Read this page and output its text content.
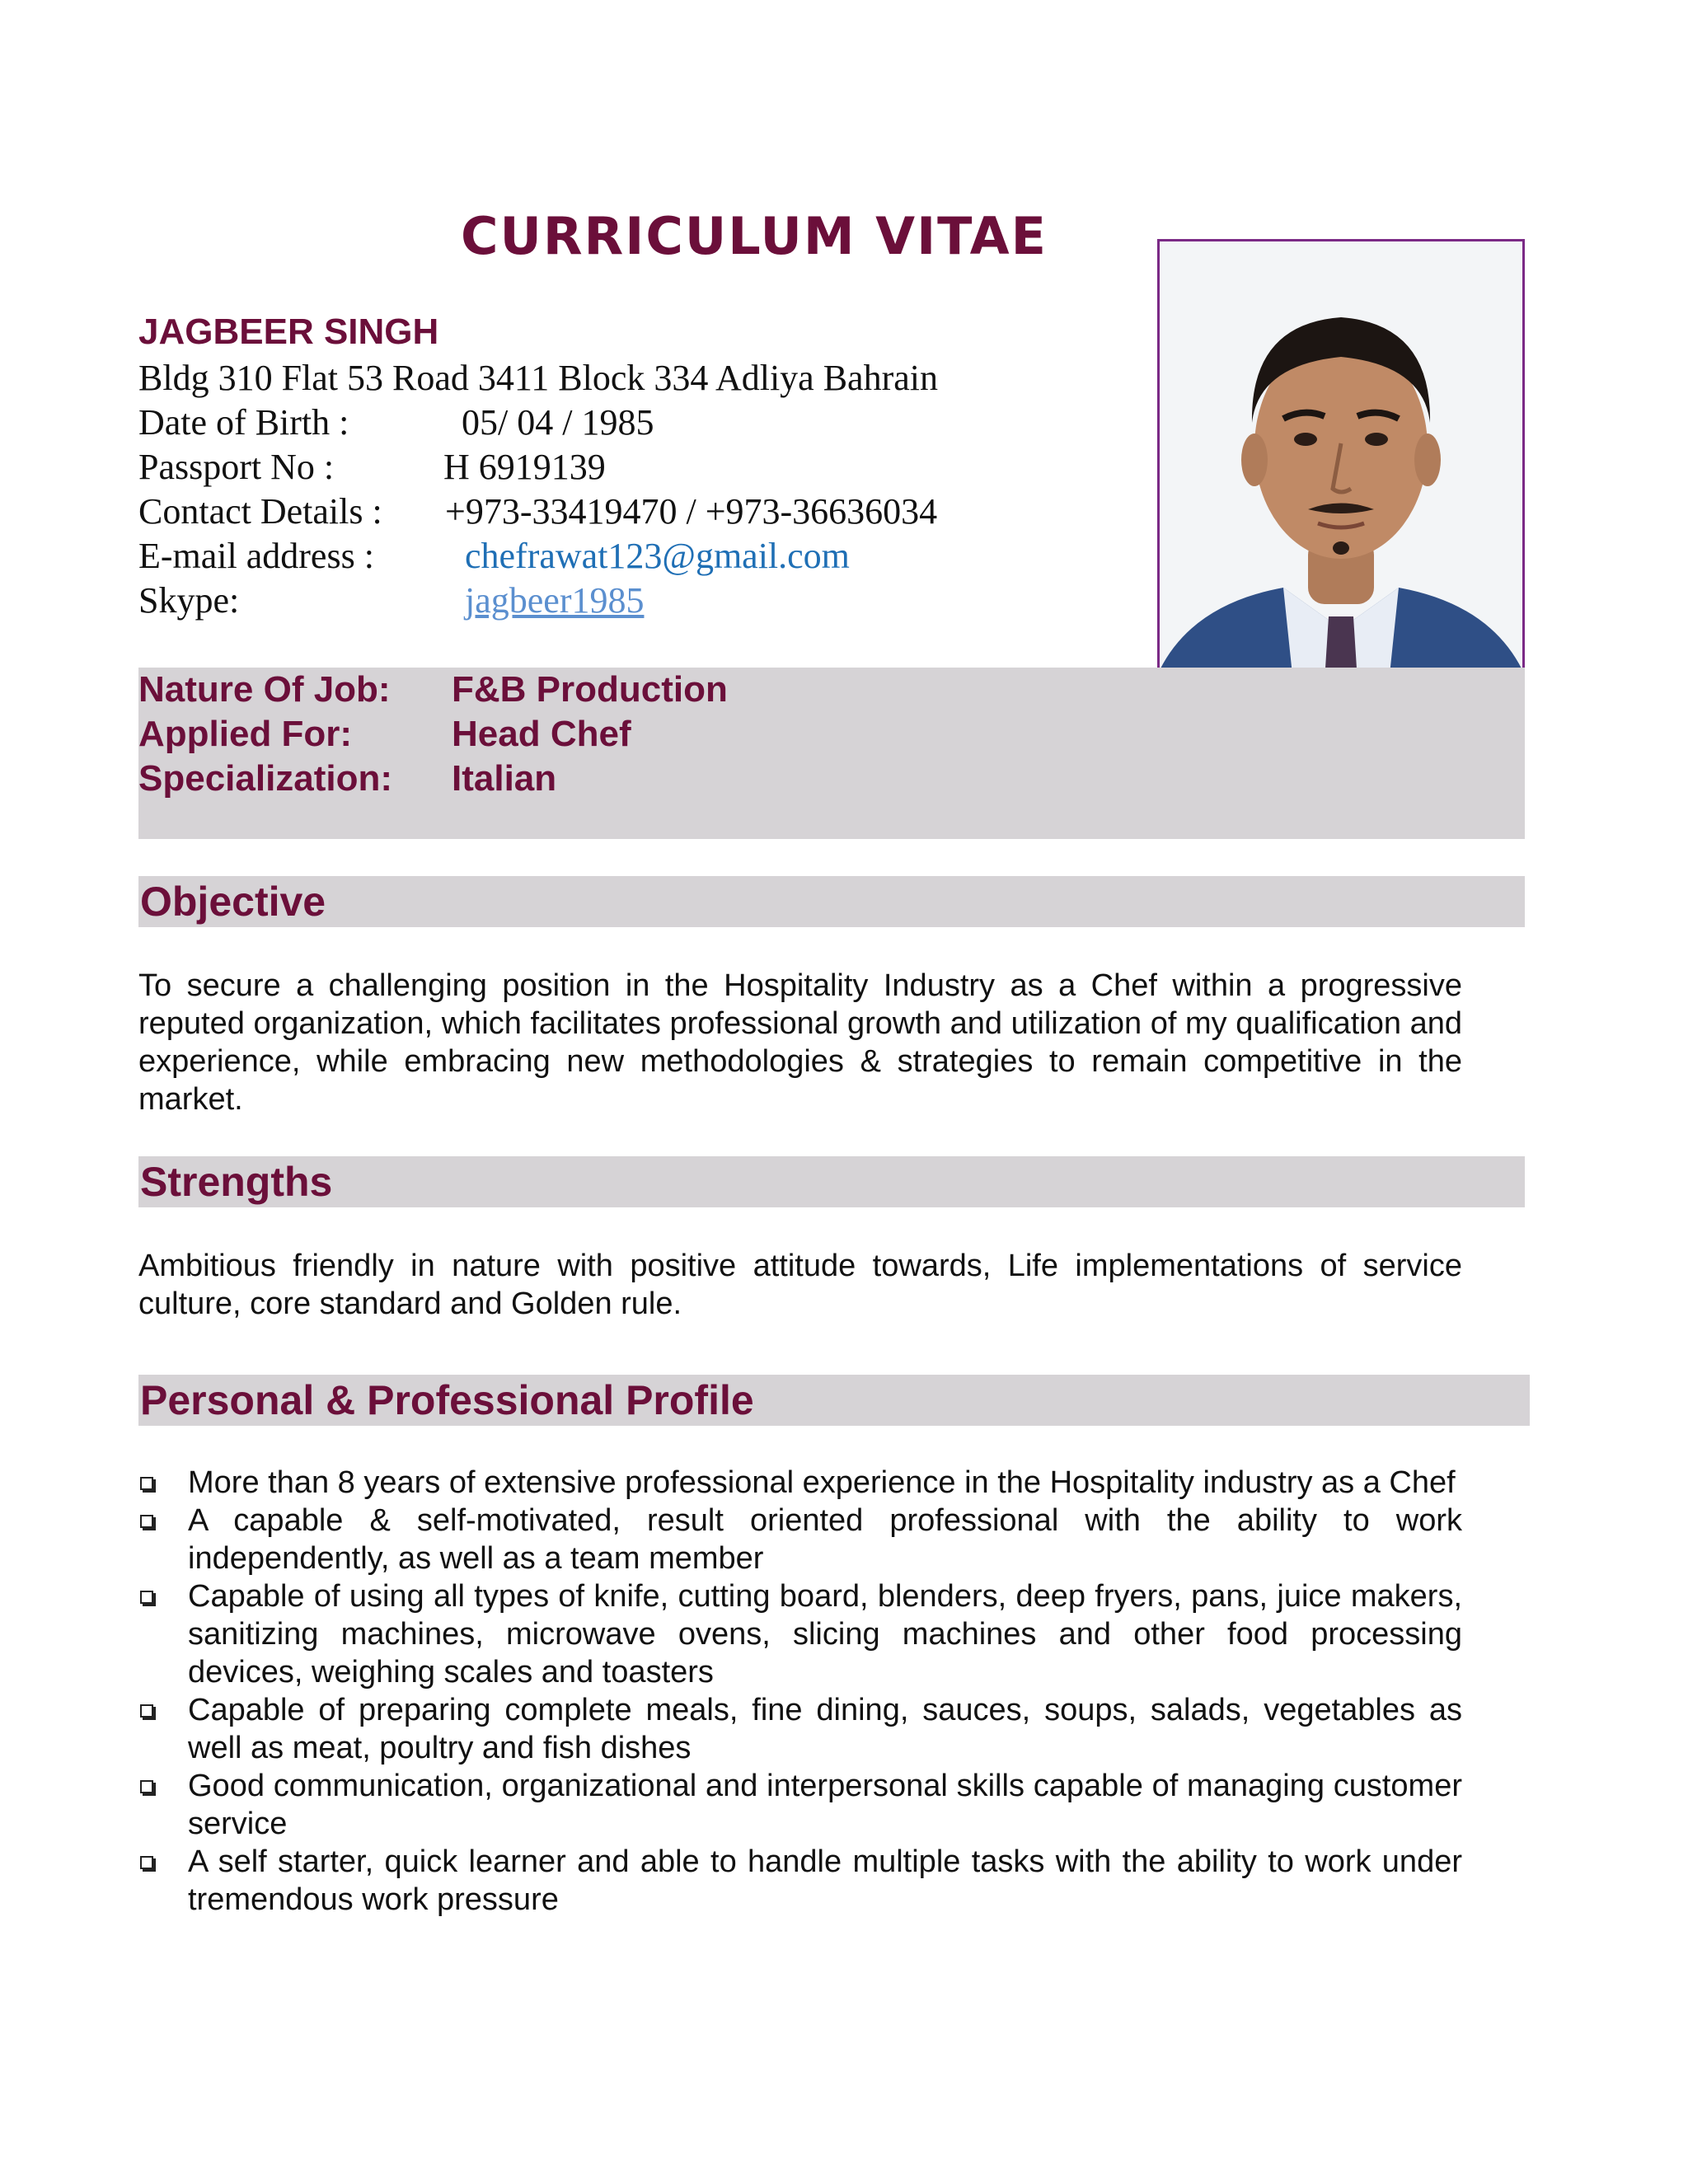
CURRICULUM VITAE
JAGBEER SINGH
Bldg 310 Flat 53 Road 3411 Block 334 Adliya Bahrain
Date of Birth :	05/ 04 / 1985
Passport No :	H 6919139
Contact Details : +973-33419470 / +973-36636034
E-mail address :	chefrawat123@gmail.com
Skype:	jagbeer1985
Nature Of Job: F&B Production
Applied For:	Head Chef
Specialization: Italian
Objective
To secure a challenging position in the Hospitality Industry as a Chef within a progressive reputed organization, which facilitates professional growth and utilization of my qualification and experience, while embracing new methodologies & strategies to remain competitive in the market.
Strengths
Ambitious friendly in nature with positive attitude towards, Life implementations of service culture, core standard and Golden rule.
Personal & Professional Profile
More than 8 years of extensive professional experience in the Hospitality industry as a Chef
A capable & self-motivated, result oriented professional with the ability to work independently, as well as a team member
Capable of using all types of knife, cutting board, blenders, deep fryers, pans, juice makers, sanitizing machines, microwave ovens, slicing machines and other food processing devices, weighing scales and toasters
Capable of preparing complete meals, fine dining, sauces, soups, salads, vegetables as well as meat, poultry and fish dishes
Good communication, organizational and interpersonal skills capable of managing customer service
A self starter, quick learner and able to handle multiple tasks with the ability to work under tremendous work pressure
